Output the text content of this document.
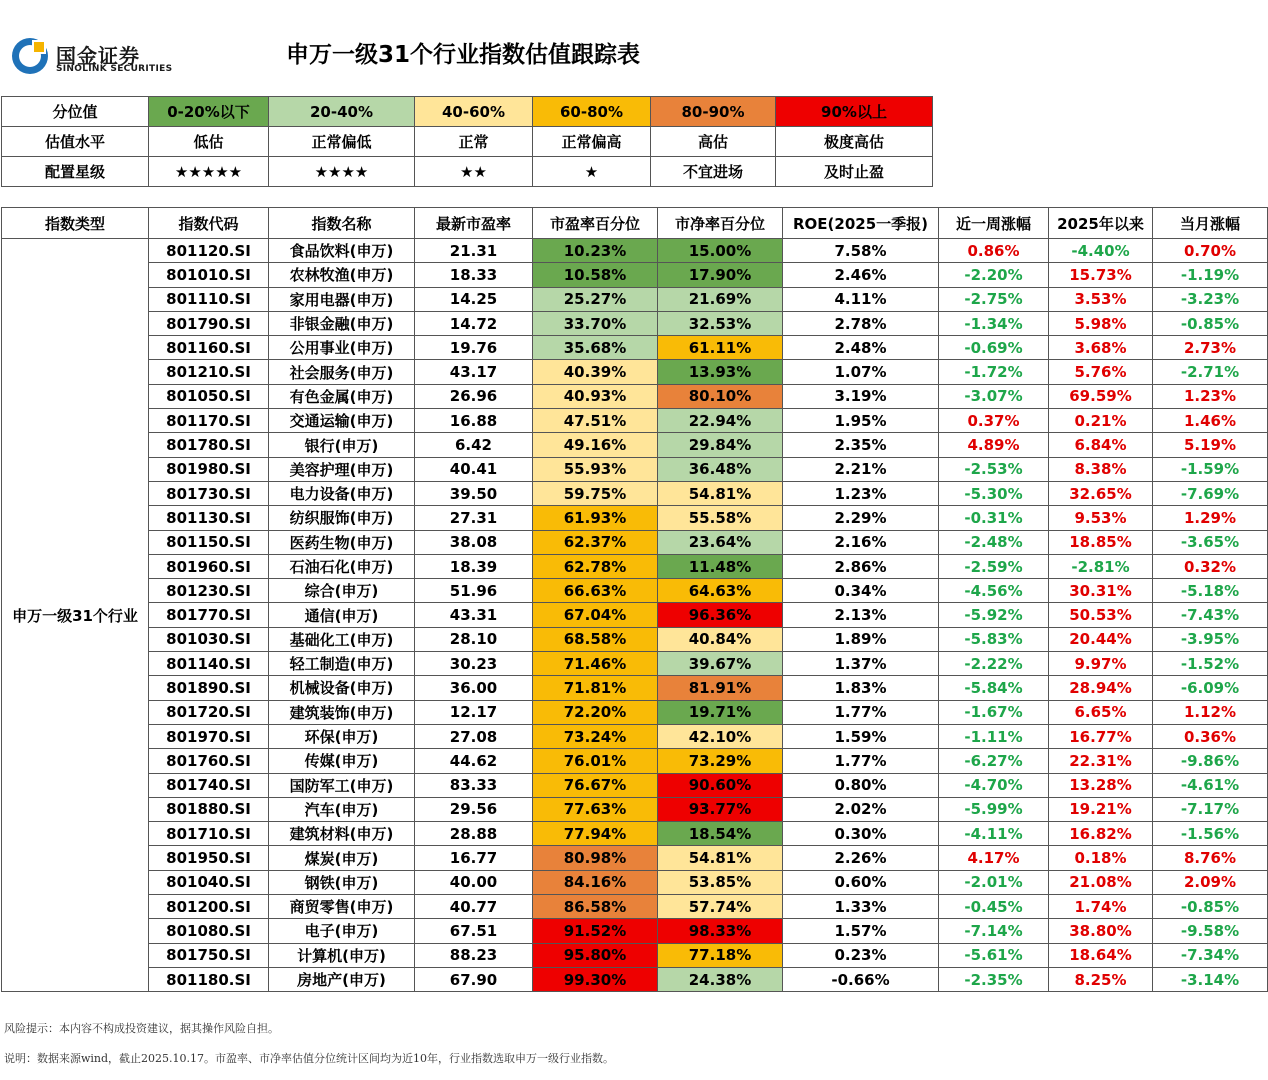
国金证券
SINOLINK SECURITIES
申万一级31个行业指数估值跟踪表
分位值	0-20%以下	20-40%	40-60%	60-80%	80-90%	90%以上
估值水平	低估	正常偏低	正常	正常偏高	高估	极度高估
配置星级	★★★★★	★★★★	★★	★	不宜进场	及时止盈
指数类型	指数代码	指数名称	最新市盈率	市盈率百分位	市净率百分位	ROE(2025一季报)	近一周涨幅	2025年以来	当月涨幅
申万一级31个行业	801120.SI	食品饮料(申万)	21.31	10.23%	15.00%	7.58%	0.86%	-4.40%	0.70%
	801010.SI	农林牧渔(申万)	18.33	10.58%	17.90%	2.46%	-2.20%	15.73%	-1.19%
	801110.SI	家用电器(申万)	14.25	25.27%	21.69%	4.11%	-2.75%	3.53%	-3.23%
	801790.SI	非银金融(申万)	14.72	33.70%	32.53%	2.78%	-1.34%	5.98%	-0.85%
	801160.SI	公用事业(申万)	19.76	35.68%	61.11%	2.48%	-0.69%	3.68%	2.73%
	801210.SI	社会服务(申万)	43.17	40.39%	13.93%	1.07%	-1.72%	5.76%	-2.71%
	801050.SI	有色金属(申万)	26.96	40.93%	80.10%	3.19%	-3.07%	69.59%	1.23%
	801170.SI	交通运输(申万)	16.88	47.51%	22.94%	1.95%	0.37%	0.21%	1.46%
	801780.SI	银行(申万)	6.42	49.16%	29.84%	2.35%	4.89%	6.84%	5.19%
	801980.SI	美容护理(申万)	40.41	55.93%	36.48%	2.21%	-2.53%	8.38%	-1.59%
	801730.SI	电力设备(申万)	39.50	59.75%	54.81%	1.23%	-5.30%	32.65%	-7.69%
	801130.SI	纺织服饰(申万)	27.31	61.93%	55.58%	2.29%	-0.31%	9.53%	1.29%
	801150.SI	医药生物(申万)	38.08	62.37%	23.64%	2.16%	-2.48%	18.85%	-3.65%
	801960.SI	石油石化(申万)	18.39	62.78%	11.48%	2.86%	-2.59%	-2.81%	0.32%
	801230.SI	综合(申万)	51.96	66.63%	64.63%	0.34%	-4.56%	30.31%	-5.18%
	801770.SI	通信(申万)	43.31	67.04%	96.36%	2.13%	-5.92%	50.53%	-7.43%
	801030.SI	基础化工(申万)	28.10	68.58%	40.84%	1.89%	-5.83%	20.44%	-3.95%
	801140.SI	轻工制造(申万)	30.23	71.46%	39.67%	1.37%	-2.22%	9.97%	-1.52%
	801890.SI	机械设备(申万)	36.00	71.81%	81.91%	1.83%	-5.84%	28.94%	-6.09%
	801720.SI	建筑装饰(申万)	12.17	72.20%	19.71%	1.77%	-1.67%	6.65%	1.12%
	801970.SI	环保(申万)	27.08	73.24%	42.10%	1.59%	-1.11%	16.77%	0.36%
	801760.SI	传媒(申万)	44.62	76.01%	73.29%	1.77%	-6.27%	22.31%	-9.86%
	801740.SI	国防军工(申万)	83.33	76.67%	90.60%	0.80%	-4.70%	13.28%	-4.61%
	801880.SI	汽车(申万)	29.56	77.63%	93.77%	2.02%	-5.99%	19.21%	-7.17%
	801710.SI	建筑材料(申万)	28.88	77.94%	18.54%	0.30%	-4.11%	16.82%	-1.56%
	801950.SI	煤炭(申万)	16.77	80.98%	54.81%	2.26%	4.17%	0.18%	8.76%
	801040.SI	钢铁(申万)	40.00	84.16%	53.85%	0.60%	-2.01%	21.08%	2.09%
	801200.SI	商贸零售(申万)	40.77	86.58%	57.74%	1.33%	-0.45%	1.74%	-0.85%
	801080.SI	电子(申万)	67.51	91.52%	98.33%	1.57%	-7.14%	38.80%	-9.58%
	801750.SI	计算机(申万)	88.23	95.80%	77.18%	0.23%	-5.61%	18.64%	-7.34%
	801180.SI	房地产(申万)	67.90	99.30%	24.38%	-0.66%	-2.35%	8.25%	-3.14%
风险提示：本内容不构成投资建议，据其操作风险自担。
说明：数据来源wind，截止2025.10.17。市盈率、市净率估值分位统计区间均为近10年，行业指数选取申万一级行业指数。
